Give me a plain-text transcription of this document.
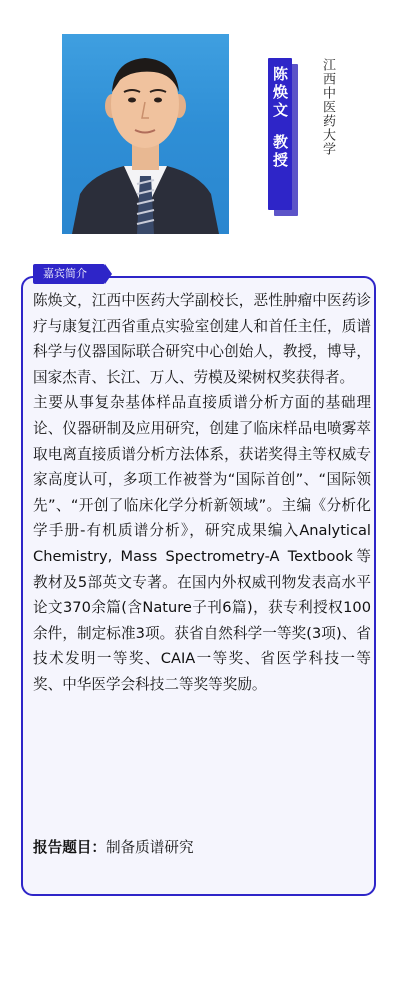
陈焕文
教授 江西中医药大学
嘉宾简介

陈焕文，江西中医药大学副校长，恶性肿瘤中医药诊疗与康复江西省重点实验室创建人和首任主任，质谱科学与仪器国际联合研究中心创始人，教授，博导，国家杰青、长江、万人、劳模及梁树权奖获得者。

主要从事复杂基体样品直接质谱分析方面的基础理论、仪器研制及应用研究，创建了临床样品电喷雾萃取电离直接质谱分析方法体系，获诺奖得主等权威专家高度认可，多项工作被誉为“国际首创”、“国际领先”、“开创了临床化学分析新领域”。主编《分析化学手册-有机质谱分析》，研究成果编入Analytical Chemistry, Mass Spectrometry-A Textbook等教材及5部英文专著。在国内外权威刊物发表高水平论文370余篇(含Nature子刊6篇)，获专利授权100余件，制定标准3项。获省自然科学一等奖(3项)、省技术发明一等奖、CAIA一等奖、省医学科技一等奖、中华医学会科技二等奖等奖励。

报告题目：制备质谱研究
